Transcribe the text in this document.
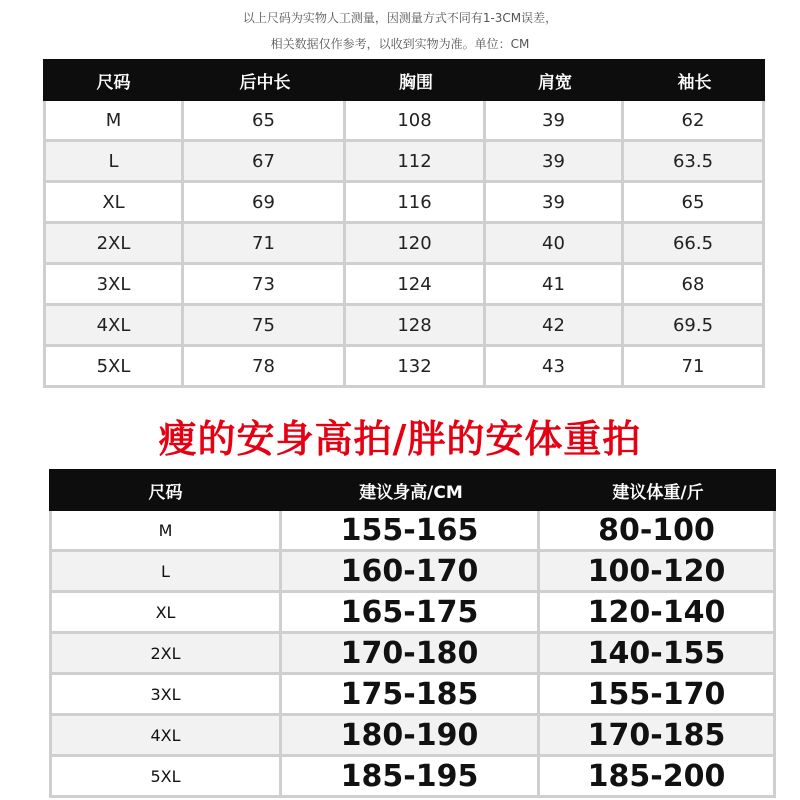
以上尺码为实物人工测量，因测量方式不同有1-3CM误差，
相关数据仅作参考，以收到实物为准。单位：CM
尺码	后中长	胸围	肩宽	袖长
M	65	108	39	62
L	67	112	39	63.5
XL	69	116	39	65
2XL	71	120	40	66.5
3XL	73	124	41	68
4XL	75	128	42	69.5
5XL	78	132	43	71
瘦的安身高拍/胖的安体重拍
尺码	建议身高/CM	建议体重/斤
M	155-165	80-100
L	160-170	100-120
XL	165-175	120-140
2XL	170-180	140-155
3XL	175-185	155-170
4XL	180-190	170-185
5XL	185-195	185-200
